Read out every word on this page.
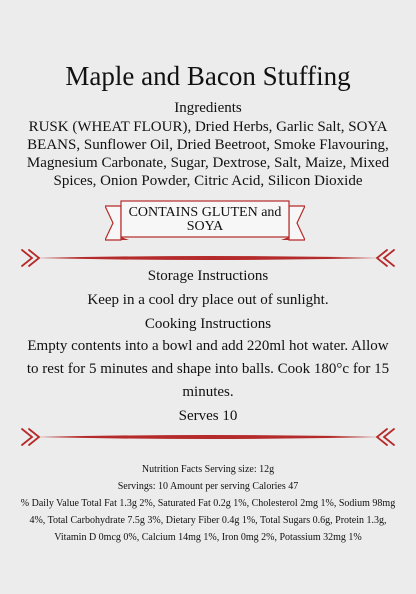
Maple and Bacon Stuffing
Ingredients
RUSK (WHEAT FLOUR), Dried Herbs, Garlic Salt, SOYA BEANS, Sunflower Oil, Dried Beetroot, Smoke Flavouring, Magnesium Carbonate, Sugar, Dextrose, Salt, Maize, Mixed Spices, Onion Powder, Citric Acid, Silicon Dioxide
CONTAINS GLUTEN and SOYA
Storage Instructions
Keep in a cool dry place out of sunlight.
Cooking Instructions
Empty contents into a bowl and add 220ml hot water. Allow to rest for 5 minutes and shape into balls. Cook 180°c for 15 minutes.
Serves 10
Nutrition Facts Serving size: 12g
Servings: 10 Amount per serving Calories 47
% Daily Value Total Fat 1.3g 2%, Saturated Fat 0.2g 1%, Cholesterol 2mg 1%, Sodium 98mg 4%, Total Carbohydrate 7.5g 3%, Dietary Fiber 0.4g 1%, Total Sugars 0.6g, Protein 1.3g, Vitamin D 0mcg 0%, Calcium 14mg 1%, Iron 0mg 2%, Potassium 32mg 1%
